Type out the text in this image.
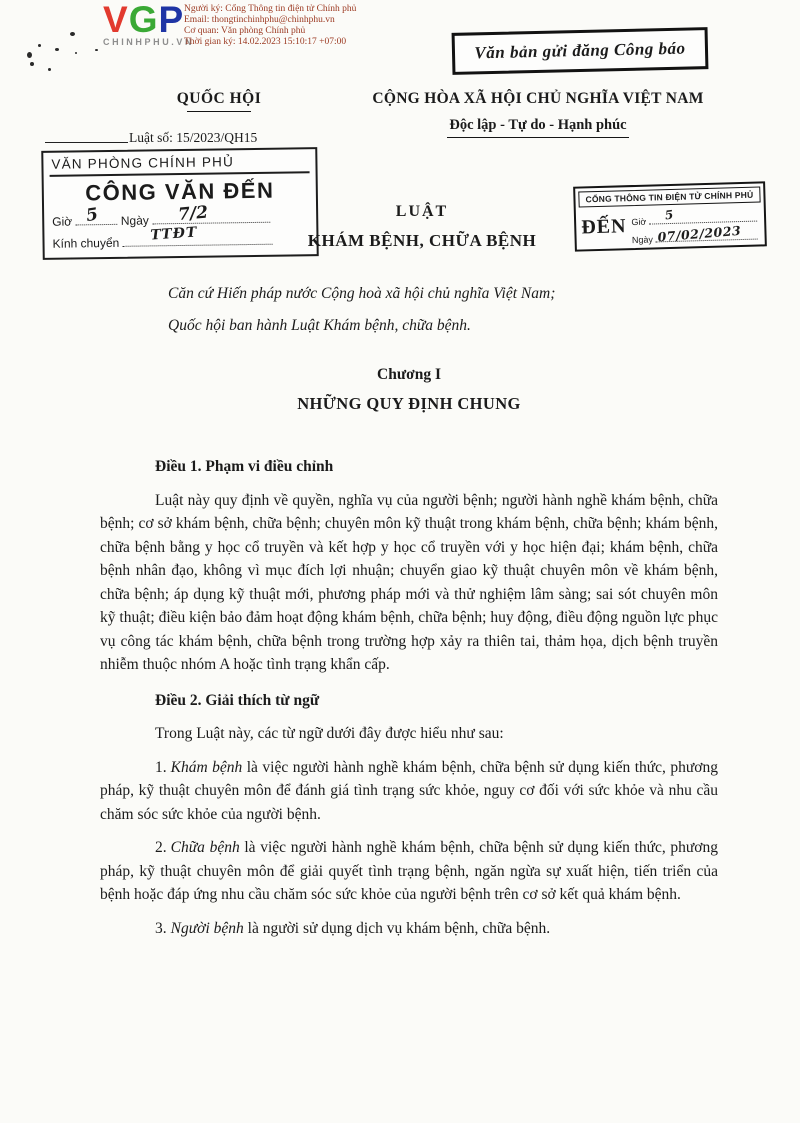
VGP
CHINHPHU.VN
Người ký: Cổng Thông tin điện tử Chính phủ
Email: thongtinchinhphu@chinhphu.vn
Cơ quan: Văn phòng Chính phủ
Thời gian ký: 14.02.2023 15:10:17 +07:00	Văn bản gửi đăng Công báo
QUỐC HỘI
Luật số: 15/2023/QH15
CỘNG HÒA XÃ HỘI CHỦ NGHĨA VIỆT NAM
Độc lập - Tự do - Hạnh phúc
VĂN PHÒNG CHÍNH PHỦ
CÔNG VĂN ĐẾN
Giờ	Ngày
5	7/2
Kính chuyển TTĐT
LUẬT
KHÁM BỆNH, CHỮA BỆNH
CỔNG THÔNG TIN ĐIỆN TỬ CHÍNH PHỦ
ĐẾN Giờ 5
Ngày 07/02/2023

Căn cứ Hiến pháp nước Cộng hoà xã hội chủ nghĩa Việt Nam;

Quốc hội ban hành Luật Khám bệnh, chữa bệnh.

Chương I
NHỮNG QUY ĐỊNH CHUNG

Điều 1. Phạm vi điều chỉnh

Luật này quy định về quyền, nghĩa vụ của người bệnh; người hành nghề khám bệnh, chữa bệnh; cơ sở khám bệnh, chữa bệnh; chuyên môn kỹ thuật trong khám bệnh, chữa bệnh; khám bệnh, chữa bệnh bằng y học cổ truyền và kết hợp y học cổ truyền với y học hiện đại; khám bệnh, chữa bệnh nhân đạo, không vì mục đích lợi nhuận; chuyển giao kỹ thuật chuyên môn về khám bệnh, chữa bệnh; áp dụng kỹ thuật mới, phương pháp mới và thử nghiệm lâm sàng; sai sót chuyên môn kỹ thuật; điều kiện bảo đảm hoạt động khám bệnh, chữa bệnh; huy động, điều động nguồn lực phục vụ công tác khám bệnh, chữa bệnh trong trường hợp xảy ra thiên tai, thảm họa, dịch bệnh truyền nhiễm thuộc nhóm A hoặc tình trạng khẩn cấp.

Điều 2. Giải thích từ ngữ

Trong Luật này, các từ ngữ dưới đây được hiểu như sau:

1. Khám bệnh là việc người hành nghề khám bệnh, chữa bệnh sử dụng kiến thức, phương pháp, kỹ thuật chuyên môn để đánh giá tình trạng sức khỏe, nguy cơ đối với sức khỏe và nhu cầu chăm sóc sức khỏe của người bệnh.

2. Chữa bệnh là việc người hành nghề khám bệnh, chữa bệnh sử dụng kiến thức, phương pháp, kỹ thuật chuyên môn để giải quyết tình trạng bệnh, ngăn ngừa sự xuất hiện, tiến triển của bệnh hoặc đáp ứng nhu cầu chăm sóc sức khỏe của người bệnh trên cơ sở kết quả khám bệnh.

3. Người bệnh là người sử dụng dịch vụ khám bệnh, chữa bệnh.
